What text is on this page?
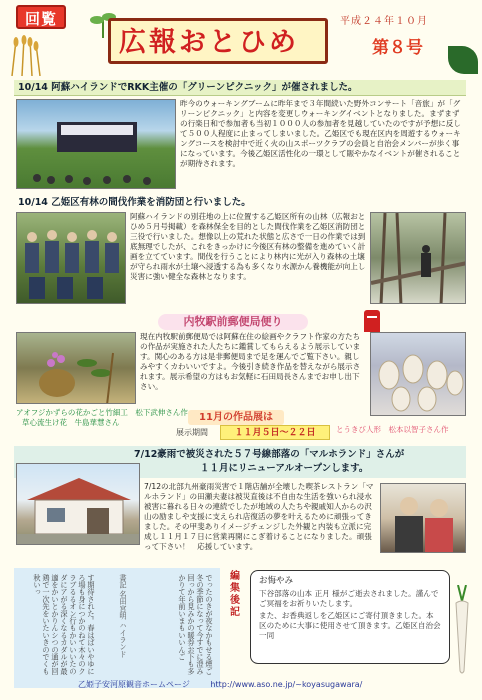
回覧
広報おとひめ
平成２４年１０月
第８号
10/14 阿蘇ハイランドでRKK主催の「グリーンピクニック」が催されました。
昨今のウォーキングブームに昨年まで３年間続いた野外コンサート「音旅」が「グリーンピクニック」と内容を変更しウォーキングイベントとなりました。まずまずの行楽日和で参加者も当初１０００人の参加者を見越していたのですが予想に反して５００人程度に止まってしまいました。乙姫区でも現在区内を周遊するウォーキングコースを検討中で近く火の山スポーツクラブの会員と自治会メンバーが歩く事になっています。今後乙姫区活性化の一環として賑やかなイベントが催されることが期待されます。
10/14 乙姫区有林の間伐作業を消防団と行いました。
阿蘇ハイランドの別荘地の上に位置する乙姫区所有の山林（広報おとひめ５月号掲載）を森林保全を目的とした間伐作業を乙姫区消防団と三役で行いました。想像以上の荒れた状態と広さで一日の作業では到底無理でしたが、これをきっかけに今後区有林の整備を進めていく計画を立てています。間伐を行うことにより林内に光が入り森林の土壌が守られ雨水が土壌へ浸透する為も多くなり水源かん養機能が向上し災害に強い健全な森林となります。
内牧駅前郵便局便り
現在内牧駅前郵便局では阿蘇在住の絵画やクラフト作家の方たちの作品が実施された人たちに鑑賞してもらえるよう展示しています。関心のある方は是非郵便局まで足を運んでご覧下さい。親しみやすくカわいいですよ。今後引き続き作品を替えながら展示されます。展示希望の方はもお気軽に石田局長さんまでお申し出下さい。
アオフジかずらの花かごと竹細工　松下武伸さん作
草心流生け花　牛島華慧さん	11月の作品展は
展示期間	１１月５日～２２日	とうきび人形　松本以智子さん作
7/12豪雨で被災された５７号線部落の「マルホランド」さんが
１１月にリニューアルオープンします。
7/12の北部九州豪雨災害で１階店舗が全壊した喫茶レストラン「マルホランド」の田瀬夫妻は被災直後は不自由な生活を強いられ浸水被害に暮れる日々の連続でしたが地域の人たちや親戚知人からの沢山の励ましや支援に支えられ店復活の夢を叶えるために頑張ってきました。その甲斐ありイメージチェンジした外観と内装も立派に完成し１１月１７日に営業再開にこぎ着けることになりました。頑張って下さい！　応援しています。
でったのきが夜なかもせる煙ご冬の季節になって今すでに澄み回っから見みかの暖券お下も多かりて年前いまもいいんご
書記 名田宮明 ハイランド
す期待された。春はぱいやゆにろ場も身につかのねて木々のクラブるるオン行もかいいいたのダにアがる深くなるカダルが最適をかいとかりんシつの通が回鶏で一次先をいたいきのでくも秋いっ	編集後記 お悔やみ
下谷部落の山本 正月 様がご逝去されました。謹んでご冥福をお祈りいたします。
また、お香典返しを乙姫区にご寄付頂きました。本区のために大事に使用させて頂きます。乙姫区自治会一同
乙姫子安河原観音ホームページ	http://www.aso.ne.jp/~koyasugawara/
